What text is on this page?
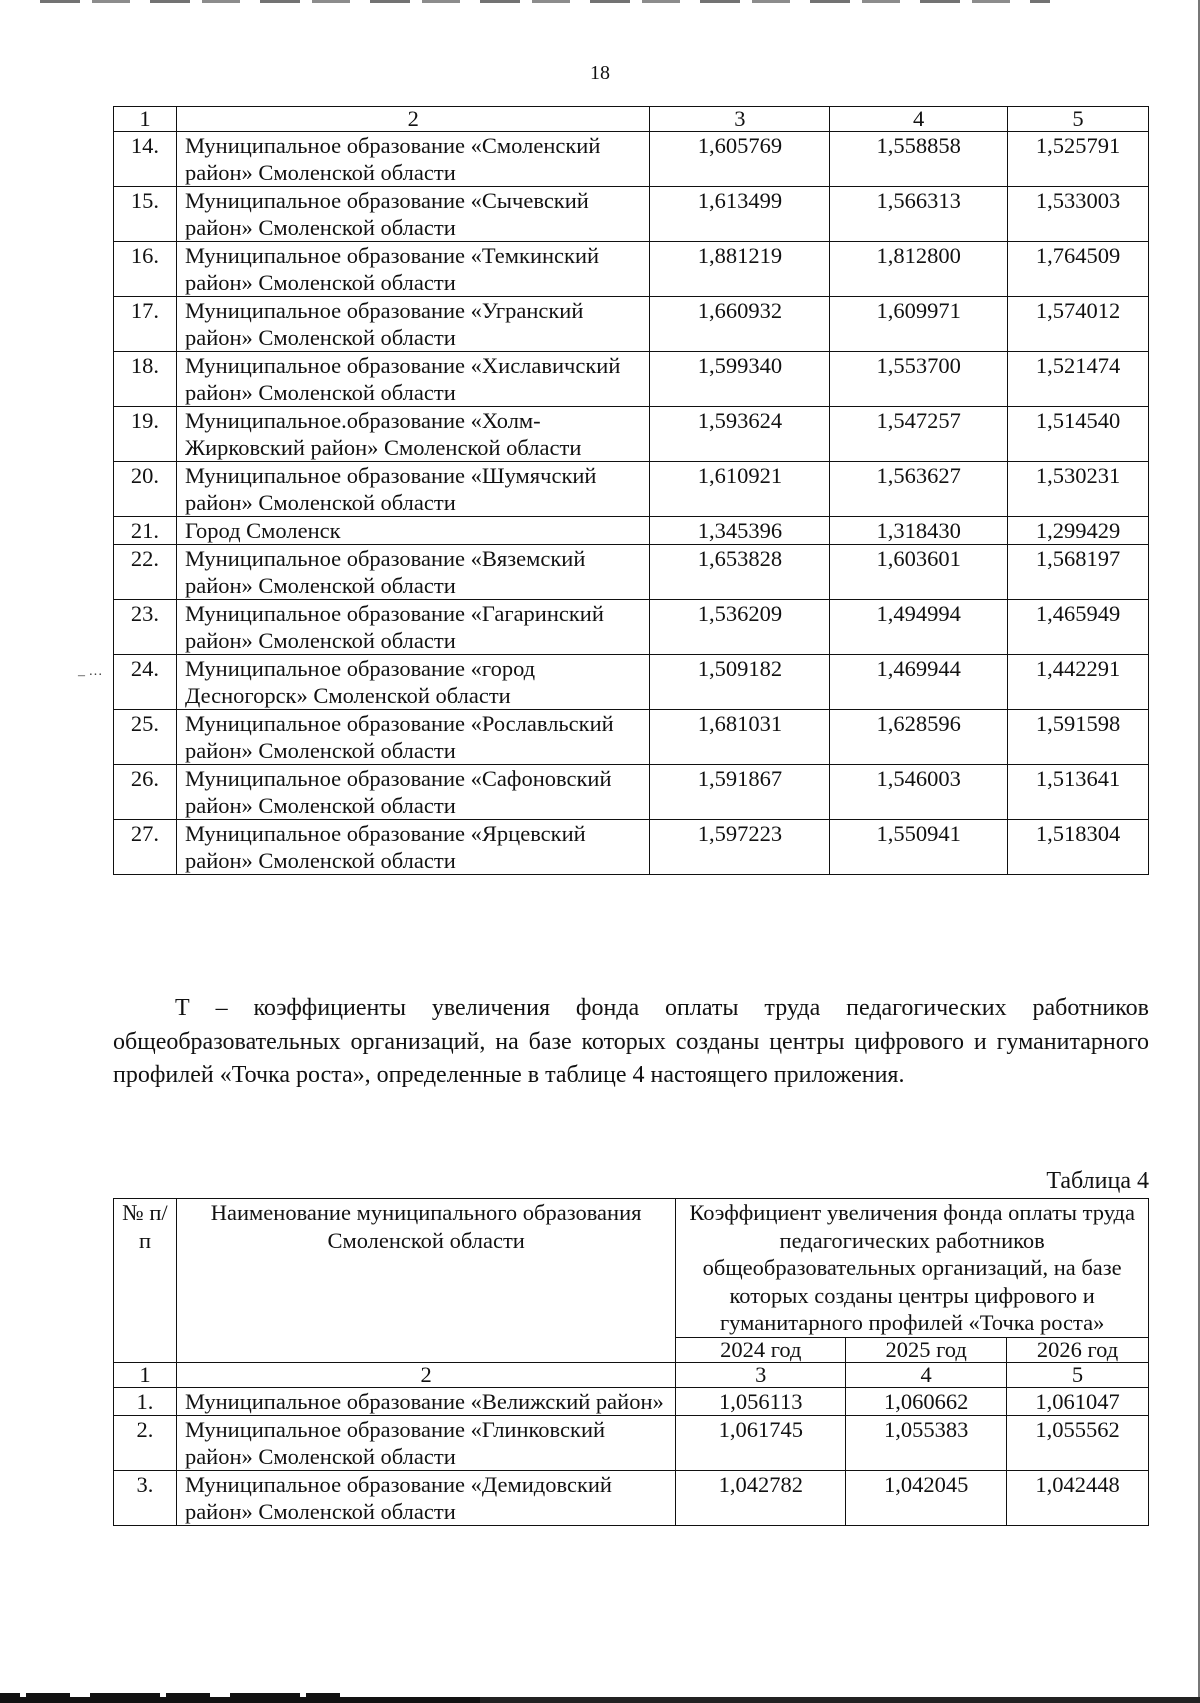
– ···
18
1	2	3	4	5
14.	Муниципальное образование «Смоленский район» Смоленской области	1,605769	1,558858	1,525791
15.	Муниципальное образование «Сычевский район» Смоленской области	1,613499	1,566313	1,533003
16.	Муниципальное образование «Темкинский район» Смоленской области	1,881219	1,812800	1,764509
17.	Муниципальное образование «Угранский район» Смоленской области	1,660932	1,609971	1,574012
18.	Муниципальное образование «Хиславичский район» Смоленской области	1,599340	1,553700	1,521474
19.	Муниципальное.образование «Холм-Жирковский район» Смоленской области	1,593624	1,547257	1,514540
20.	Муниципальное образование «Шумячский район» Смоленской области	1,610921	1,563627	1,530231
21.	Город Смоленск	1,345396	1,318430	1,299429
22.	Муниципальное образование «Вяземский район» Смоленской области	1,653828	1,603601	1,568197
23.	Муниципальное образование «Гагаринский район» Смоленской области	1,536209	1,494994	1,465949
24.	Муниципальное образование «город Десногорск» Смоленской области	1,509182	1,469944	1,442291
25.	Муниципальное образование «Рославльский район» Смоленской области	1,681031	1,628596	1,591598
26.	Муниципальное образование «Сафоновский район» Смоленской области	1,591867	1,546003	1,513641
27.	Муниципальное образование «Ярцевский район» Смоленской области	1,597223	1,550941	1,518304

Т – коэффициенты увеличения фонда оплаты труда педагогических работников общеобразовательных организаций, на базе которых созданы центры цифрового и гуманитарного профилей «Точка роста», определенные в таблице 4 настоящего приложения.

Таблица 4
№ п/п	Наименование муниципального образования Смоленской области	Коэффициент увеличения фонда оплаты труда педагогических работников общеобразовательных организаций, на базе которых созданы центры цифрового и гуманитарного профилей «Точка роста»		
		2024 год	2025 год	2026 год
1	2	3	4	5
1.	Муниципальное образование «Велижский район»	1,056113	1,060662	1,061047
2.	Муниципальное образование «Глинковский район» Смоленской области	1,061745	1,055383	1,055562
3.	Муниципальное образование «Демидовский район» Смоленской области	1,042782	1,042045	1,042448
